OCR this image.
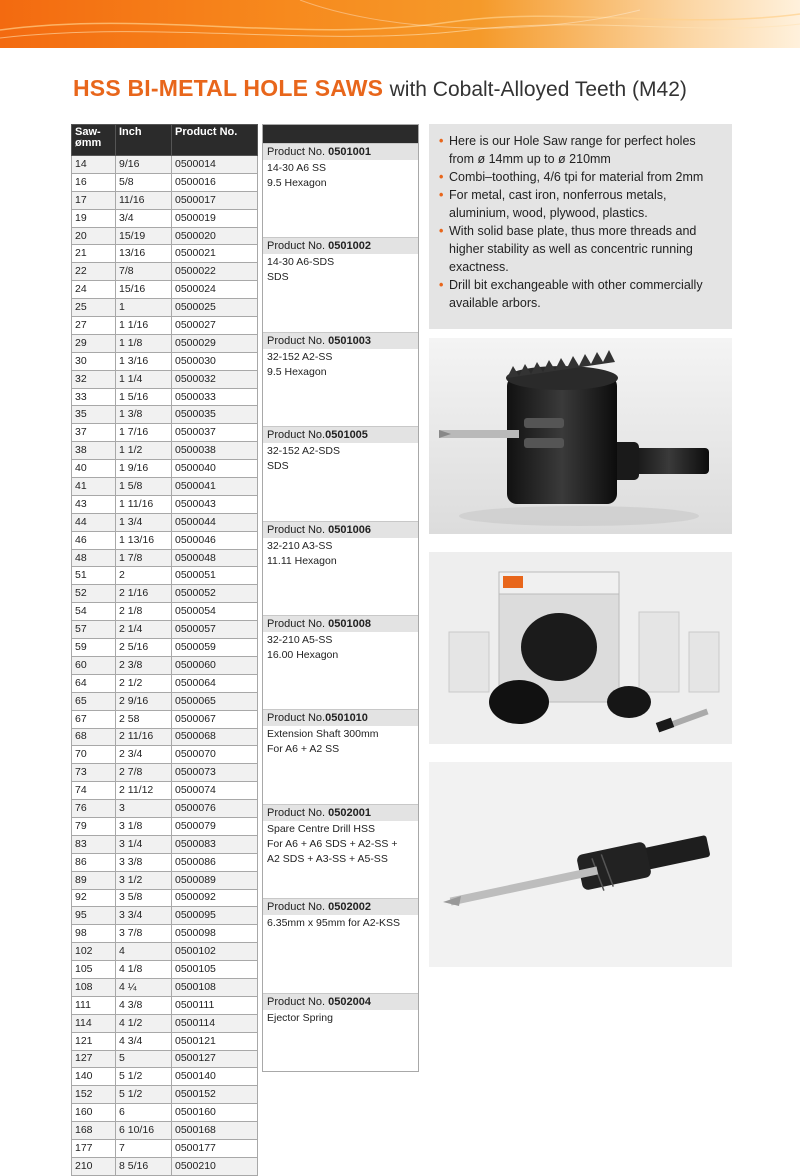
HSS BI-METAL HOLE SAWS with Cobalt-Alloyed Teeth (M42)
Saw-
ømm	Inch	Product No.
14	9/16	0500014
16	5/8	0500016
17	11/16	0500017
19	3/4	0500019
20	15/19	0500020
21	13/16	0500021
22	7/8	0500022
24	15/16	0500024
25	1	0500025
27	1 1/16	0500027
29	1 1/8	0500029
30	1 3/16	0500030
32	1 1/4	0500032
33	1 5/16	0500033
35	1 3/8	0500035
37	1 7/16	0500037
38	1 1/2	0500038
40	1 9/16	0500040
41	1 5/8	0500041
43	1 11/16	0500043
44	1 3/4	0500044
46	1 13/16	0500046
48	1 7/8	0500048
51	2	0500051
52	2 1/16	0500052
54	2 1/8	0500054
57	2 1/4	0500057
59	2 5/16	0500059
60	2 3/8	0500060
64	2 1/2	0500064
65	2 9/16	0500065
67	2 58	0500067
68	2 11/16	0500068
70	2 3/4	0500070
73	2 7/8	0500073
74	2 11/12	0500074
76	3	0500076
79	3 1/8	0500079
83	3 1/4	0500083
86	3 3/8	0500086
89	3 1/2	0500089
92	3 5/8	0500092
95	3 3/4	0500095
98	3 7/8	0500098
102	4	0500102
105	4 1/8	0500105
108	4 ¼	0500108
111	4 3/8	0500111
114	4 1/2	0500114
121	4 3/4	0500121
127	5	0500127
140	5 1/2	0500140
152	5 1/2	0500152
160	6	0500160
168	6 10/16	0500168
177	7	0500177
210	8 5/16	0500210
Product No. 0501001
14-30 A6 SS
9.5 Hexagon
Product No. 0501002
14-30 A6-SDS
SDS
Product No. 0501003
32-152 A2-SS
9.5 Hexagon
Product No.0501005
32-152 A2-SDS
SDS
Product No. 0501006
32-210 A3-SS
11.11 Hexagon
Product No. 0501008
32-210 A5-SS
16.00 Hexagon
Product No.0501010
Extension Shaft 300mm
For A6 + A2 SS
Product No. 0502001
Spare Centre Drill HSS
For A6 + A6 SDS + A2-SS +
A2 SDS + A3-SS + A5-SS
Product No. 0502002
6.35mm x 95mm for A2-KSS
Product No. 0502004
Ejector Spring
• Here is our Hole Saw range for perfect holes from ø 14mm up to ø 210mm
• Combi–toothing, 4/6 tpi for material from 2mm
• For metal, cast iron, nonferrous metals, aluminium, wood, plywood, plastics.
• With solid base plate, thus more threads and higher stability as well as concentric running exactness.
• Drill bit exchangeable with other commercially available arbors.
